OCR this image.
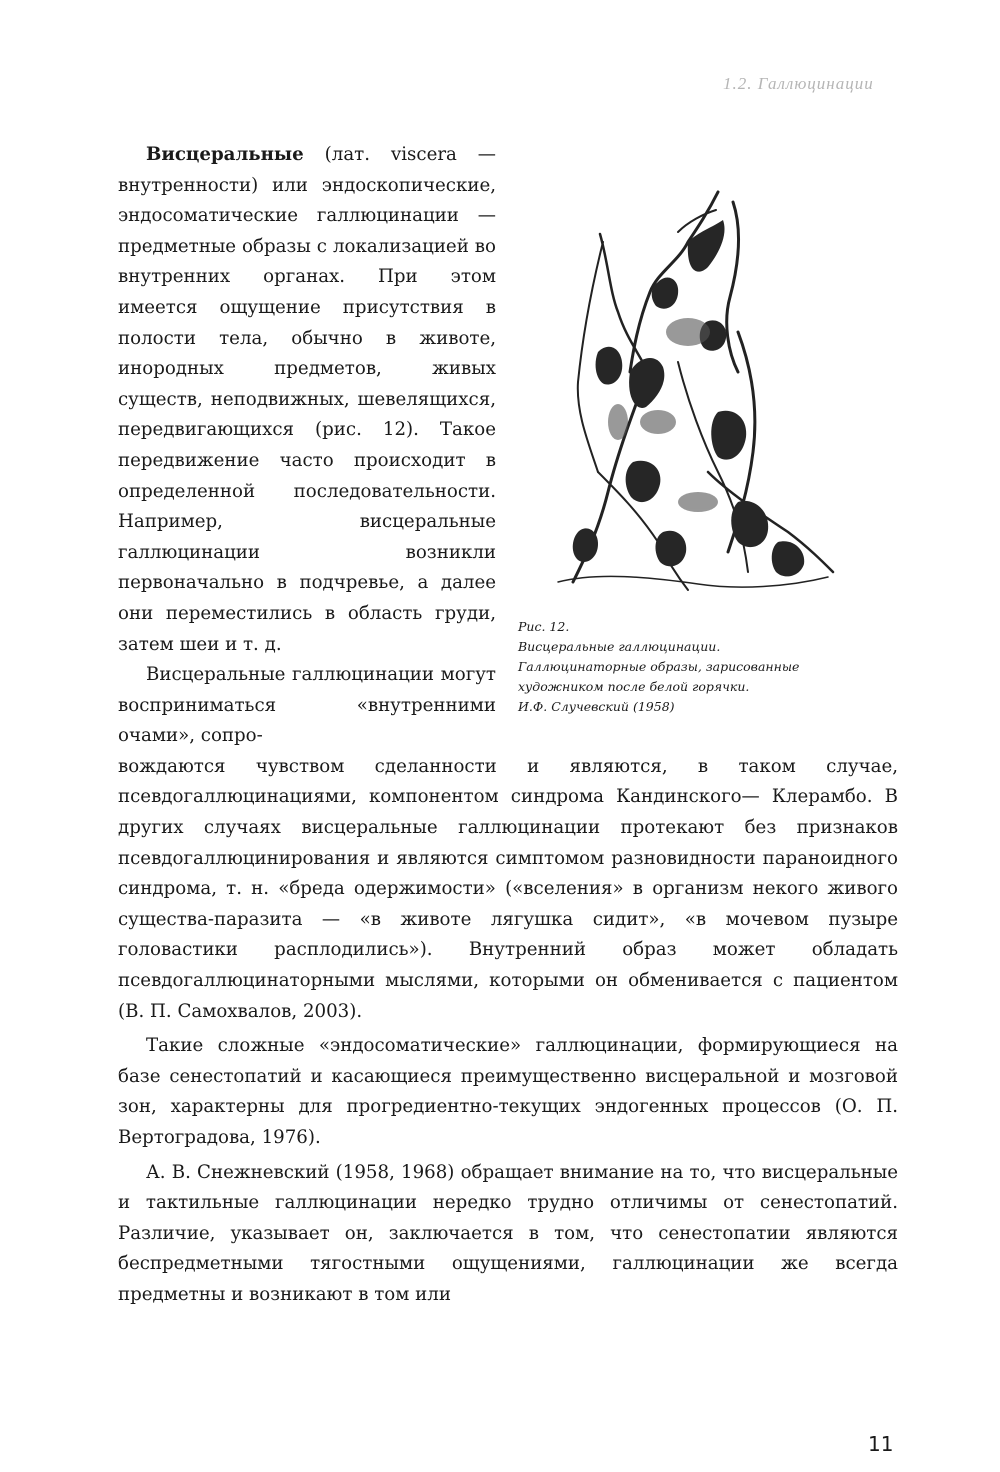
1.2. Галлюцинации
Рис. 12.
Висцеральные галлюцинации.
Галлюцинаторные образы, зарисованные
художником после белой горячки.
И.Ф. Случевский (1958)

Висцеральные (лат. viscera — внутренности) или эндоскопические, эндосоматические галлюцинации — предметные образы с локализацией во внутренних органах. При этом имеется ощущение присутствия в полости тела, обычно в животе, инородных предметов, живых существ, неподвижных, шевелящихся, передвигающихся (рис. 12). Такое передвижение часто происходит в определенной последовательности. Например, висцеральные галлюцинации возникли первоначально в подчревье, а далее они переместились в область груди, затем шеи и т. д.

Висцеральные галлюцинации могут восприниматься «внутренними очами», сопро-

вождаются чувством сделанности и являются, в таком случае, псевдогаллюцинациями, компонентом синдрома Кандинского— Клерамбо. В других случаях висцеральные галлюцинации протекают без признаков псевдогаллюцинирования и являются симптомом разновидности параноидного синдрома, т. н. «бреда одержимости» («вселения» в организм некого живого существа-паразита — «в животе лягушка сидит», «в мочевом пузыре головастики расплодились»). Внутренний образ может обладать псевдогаллюцинаторными мыслями, которыми он обменивается с пациентом (В. П. Самохвалов, 2003).

Такие сложные «эндосоматические» галлюцинации, формирующиеся на базе сенестопатий и касающиеся преимущественно висцеральной и мозговой зон, характерны для прогредиентно-текущих эндогенных процессов (О. П. Вертоградова, 1976).

А. В. Снежневский (1958, 1968) обращает внимание на то, что висцеральные и тактильные галлюцинации нередко трудно отличимы от сенестопатий. Различие, указывает он, заключается в том, что сенестопатии являются беспредметными тягостными ощущениями, галлюцинации же всегда предметны и возникают в том или

11
